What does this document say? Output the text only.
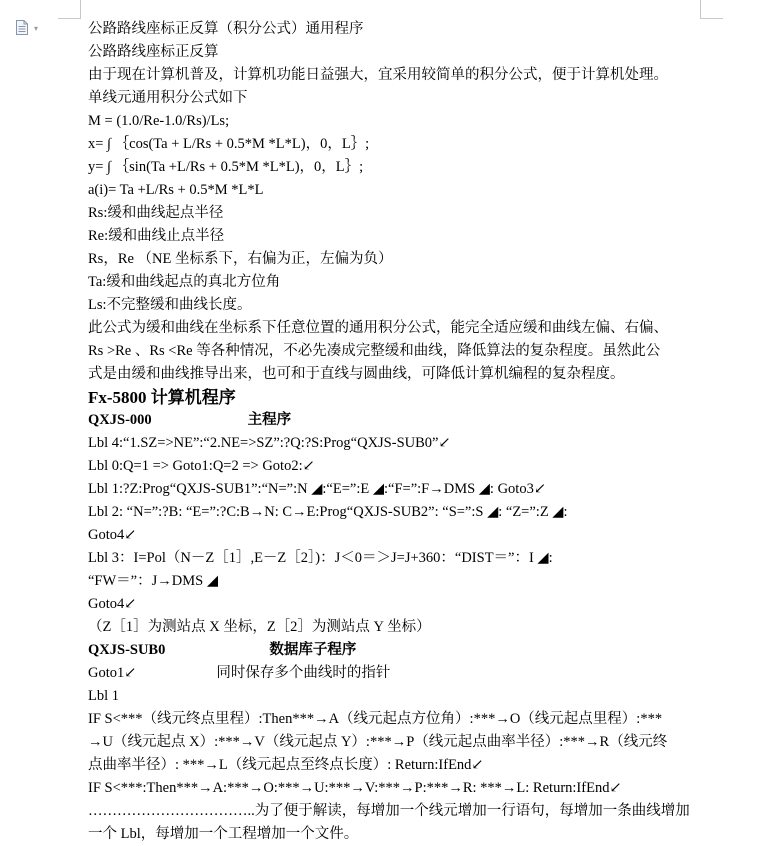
▾	公路路线座标正反算（积分公式）通用程序
公路路线座标正反算
由于现在计算机普及，计算机功能日益强大，宜采用较简单的积分公式，便于计算机处理。
单线元通用积分公式如下
M = (1.0/Re-1.0/Rs)/Ls;
x= ∫ ｛cos(Ta + L/Rs + 0.5*M *L*L)，0，L｝;
y= ∫ ｛sin(Ta +L/Rs + 0.5*M *L*L)，0，L｝;
a(i)= Ta +L/Rs + 0.5*M *L*L
Rs:缓和曲线起点半径
Re:缓和曲线止点半径
Rs，Re （NE 坐标系下，右偏为正，左偏为负）
Ta:缓和曲线起点的真北方位角
Ls:不完整缓和曲线长度。
此公式为缓和曲线在坐标系下任意位置的通用积分公式，能完全适应缓和曲线左偏、右偏、
Rs >Re 、Rs <Re 等各种情况，不必先凑成完整缓和曲线，降低算法的复杂程度。虽然此公
式是由缓和曲线推导出来，也可和于直线与圆曲线，可降低计算机编程的复杂程度。
Fx-5800 计算机程序
QXJS-000	主程序
Lbl 4:“1.SZ=>NE”:“2.NE=>SZ”:?Q:?S:Prog“QXJS-SUB0”↙
Lbl 0:Q=1 => Goto1:Q=2 => Goto2:↙
Lbl 1:?Z:Prog“QXJS-SUB1”:“N=”:N ◢:“E=”:E ◢:“F=”:F→DMS ◢: Goto3↙
Lbl 2: “N=”:?B: “E=”:?C:B→N: C→E:Prog“QXJS-SUB2”: “S=”:S ◢: “Z=”:Z ◢:
Goto4↙
Lbl 3：I=Pol（N－Z［1］,E－Z［2］)：J＜0＝＞J=J+360：“DIST＝”：I ◢:
“FW＝”：J→DMS ◢
Goto4↙
（Z［1］为测站点 X 坐标，Z［2］为测站点 Y 坐标）
QXJS-SUB0	数据库子程序
Goto1↙	同时保存多个曲线时的指针
Lbl 1
IF S<***（线元终点里程）:Then***→A（线元起点方位角）:***→O（线元起点里程）:***
→U（线元起点 X）:***→V（线元起点 Y）:***→P（线元起点曲率半径）:***→R（线元终
点曲率半径）: ***→L（线元起点至终点长度）: Return:IfEnd↙
IF S<***:Then***→A:***→O:***→U:***→V:***→P:***→R: ***→L: Return:IfEnd↙
……………………………..为了便于解读，每增加一个线元增加一行语句，每增加一条曲线增加
一个 Lbl，每增加一个工程增加一个文件。
